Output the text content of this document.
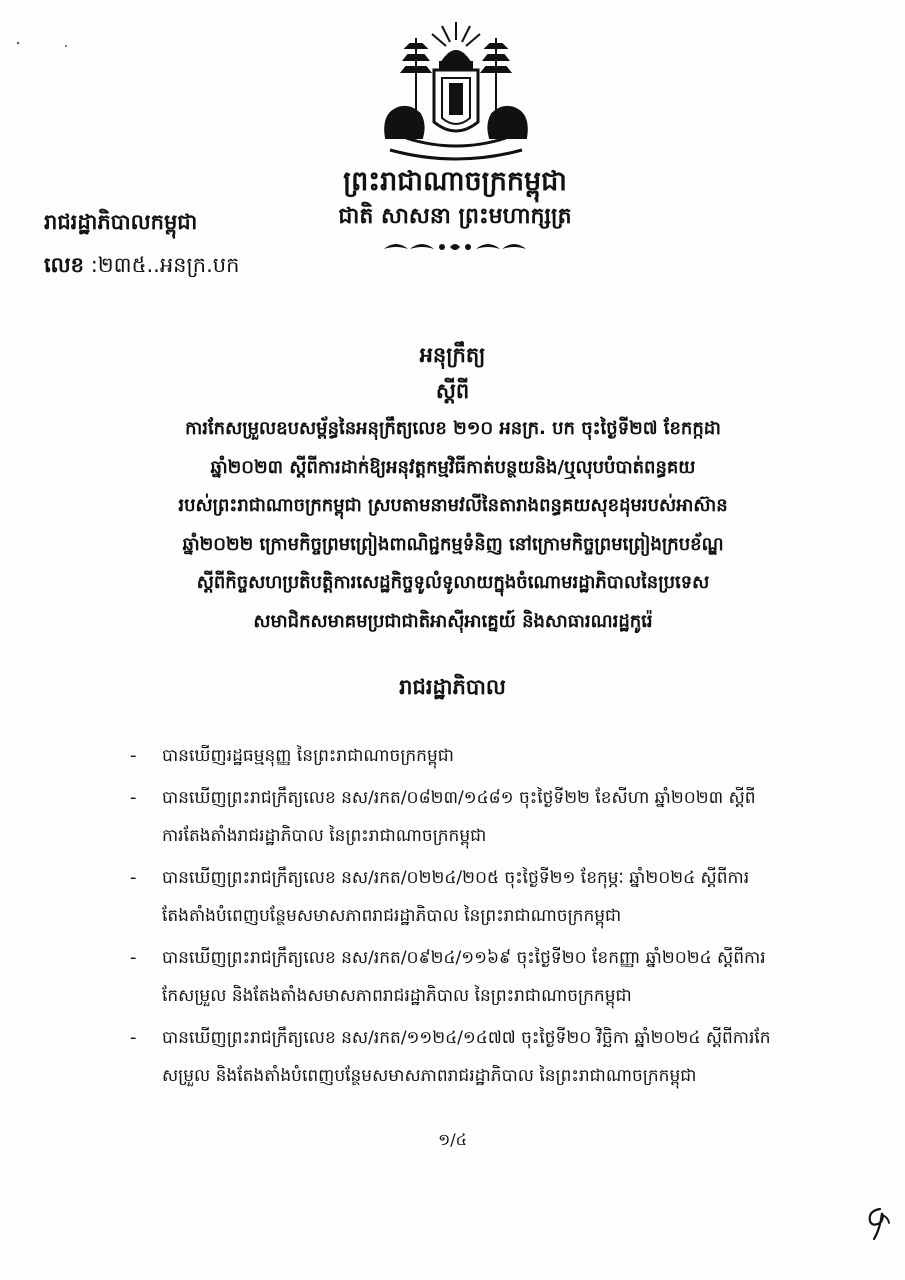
ព្រះរាជាណាចក្រកម្ពុជា
ជាតិ សាសនា ព្រះមហាក្សត្រ
រាជរដ្ឋាភិបាលកម្ពុជា
លេខ :២៣៥..អនក្រ.បក
អនុក្រឹត្យ
ស្តីពី
ការកែសម្រួលឧបសម្ព័ន្ធនៃអនុក្រឹត្យលេខ ២១០ អនក្រ. បក ចុះថ្ងៃទី២៧ ខែកក្កដា
ឆ្នាំ២០២៣ ស្តីពីការដាក់ឱ្យអនុវត្តកម្មវិធីកាត់បន្ថយនិង/ឬលុបបំបាត់ពន្ធគយ
របស់ព្រះរាជាណាចក្រកម្ពុជា ស្របតាមនាមវលីនៃតារាងពន្ធគយសុខដុមរបស់អាស៊ាន
ឆ្នាំ២០២២ ក្រោមកិច្ចព្រមព្រៀងពាណិជ្ជកម្មទំនិញ នៅក្រោមកិច្ចព្រមព្រៀងក្របខ័ណ្ឌ
ស្តីពីកិច្ចសហប្រតិបត្តិការសេដ្ឋកិច្ចទូលំទូលាយក្នុងចំណោមរដ្ឋាភិបាលនៃប្រទេស
សមាជិកសមាគមប្រជាជាតិអាស៊ីអាគ្នេយ៍ និងសាធារណរដ្ឋកូរ៉េ
រាជរដ្ឋាភិបាល
- បានឃើញរដ្ឋធម្មនុញ្ញ នៃព្រះរាជាណាចក្រកម្ពុជា
- បានឃើញព្រះរាជក្រឹត្យលេខ នស/រកត/០៨២៣/១៤៨១ ចុះថ្ងៃទី២២ ខែសីហា ឆ្នាំ២០២៣ ស្តីពី
ការតែងតាំងរាជរដ្ឋាភិបាល នៃព្រះរាជាណាចក្រកម្ពុជា
- បានឃើញព្រះរាជក្រឹត្យលេខ នស/រកត/០២២៤/២០៥ ចុះថ្ងៃទី២១ ខែកុម្ភៈ ឆ្នាំ២០២៤ ស្តីពីការ
តែងតាំងបំពេញបន្ថែមសមាសភាពរាជរដ្ឋាភិបាល នៃព្រះរាជាណាចក្រកម្ពុជា
- បានឃើញព្រះរាជក្រឹត្យលេខ នស/រកត/០៩២៤/១១៦៩ ចុះថ្ងៃទី២០ ខែកញ្ញា ឆ្នាំ២០២៤ ស្តីពីការ
កែសម្រួល និងតែងតាំងសមាសភាពរាជរដ្ឋាភិបាល នៃព្រះរាជាណាចក្រកម្ពុជា
- បានឃើញព្រះរាជក្រឹត្យលេខ នស/រកត/១១២៤/១៤៧៧ ចុះថ្ងៃទី២០ វិច្ឆិកា ឆ្នាំ២០២៤ ស្តីពីការកែ
សម្រួល និងតែងតាំងបំពេញបន្ថែមសមាសភាពរាជរដ្ឋាភិបាល នៃព្រះរាជាណាចក្រកម្ពុជា
១/៤
